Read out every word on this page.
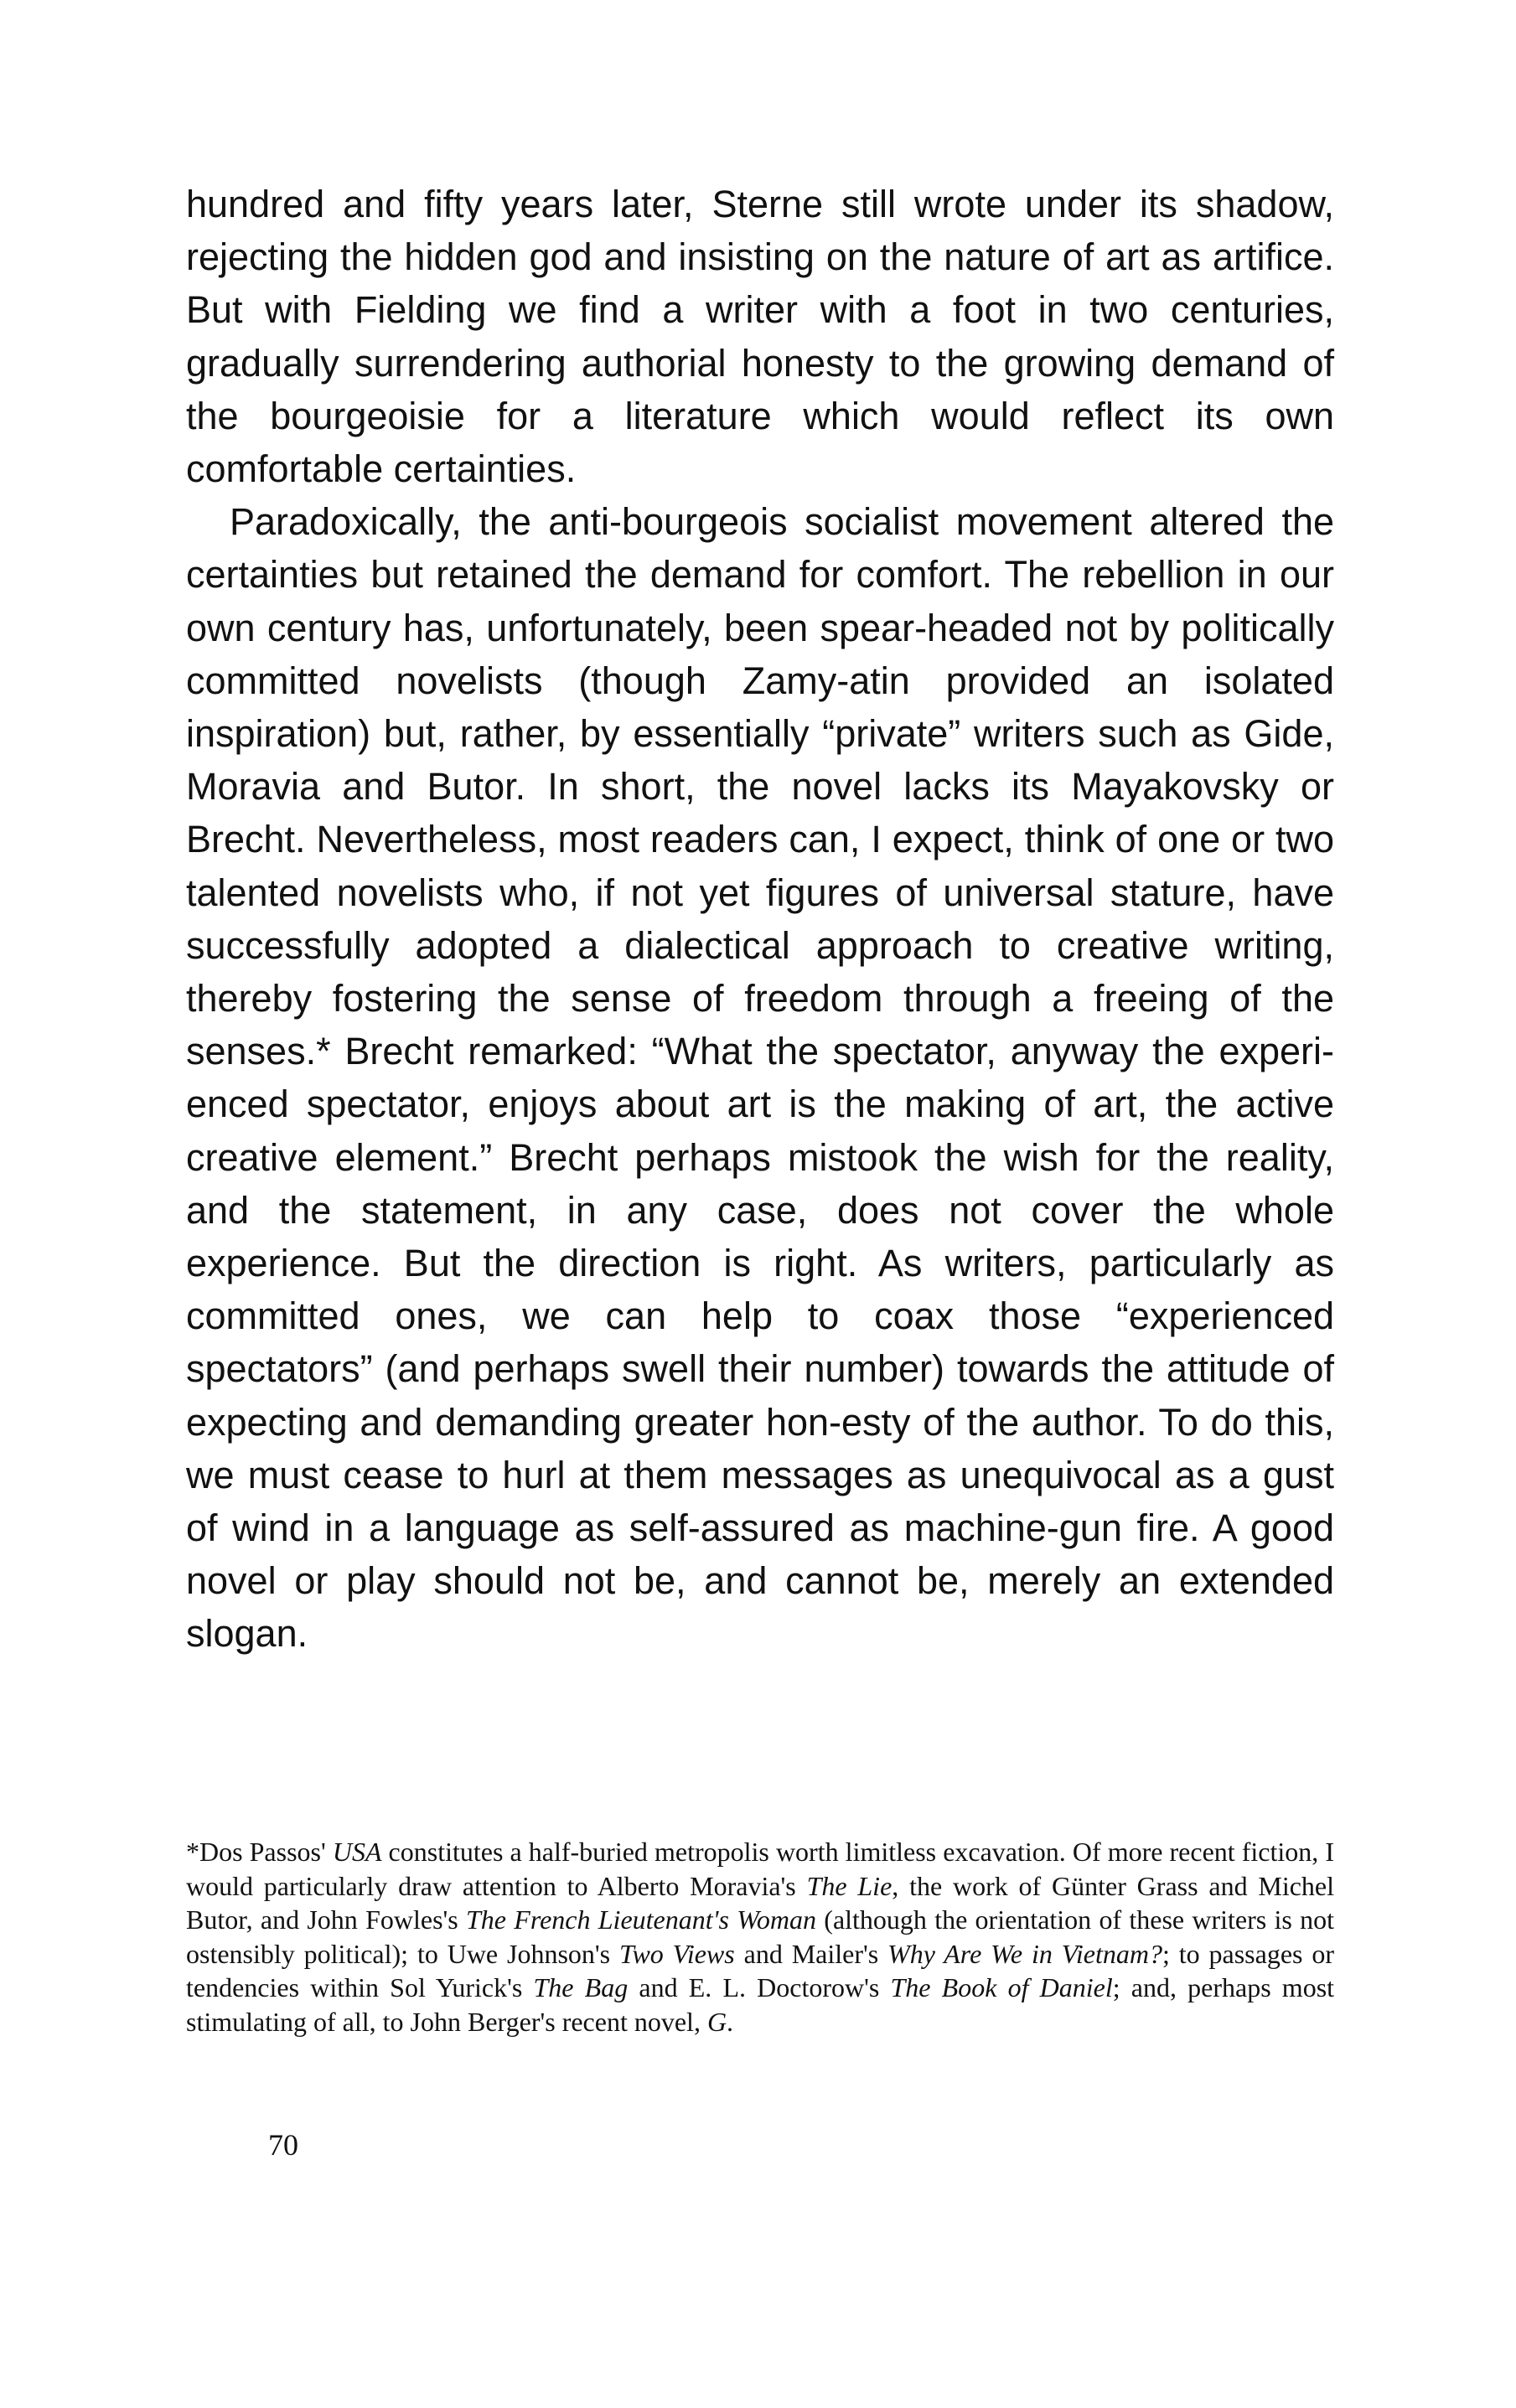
hundred and fifty years later, Sterne still wrote under its shadow, rejecting the hidden god and insisting on the nature of art as artifice. But with Fielding we find a writer with a foot in two centuries, gradually surrendering authorial honesty to the growing demand of the bourgeoisie for a literature which would reflect its own comfortable certainties.

Paradoxically, the anti-bourgeois socialist movement altered the certainties but retained the demand for comfort. The rebellion in our own century has, unfortunately, been spear-headed not by politically committed novelists (though Zamy-atin provided an isolated inspiration) but, rather, by essentially “private” writers such as Gide, Moravia and Butor. In short, the novel lacks its Mayakovsky or Brecht. Nevertheless, most readers can, I expect, think of one or two talented novelists who, if not yet figures of universal stature, have successfully adopted a dialectical approach to creative writing, thereby fostering the sense of freedom through a freeing of the senses.* Brecht remarked: “What the spectator, anyway the experi-enced spectator, enjoys about art is the making of art, the active creative element.” Brecht perhaps mistook the wish for the reality, and the statement, in any case, does not cover the whole experience. But the direction is right. As writers, particularly as committed ones, we can help to coax those “experienced spectators” (and perhaps swell their number) towards the attitude of expecting and demanding greater hon-esty of the author. To do this, we must cease to hurl at them messages as unequivocal as a gust of wind in a language as self-assured as machine-gun fire. A good novel or play should not be, and cannot be, merely an extended slogan.

*Dos Passos' USA constitutes a half-buried metropolis worth limitless excavation. Of more recent fiction, I would particularly draw attention to Alberto Moravia's The Lie, the work of Günter Grass and Michel Butor, and John Fowles's The French Lieutenant's Woman (although the orientation of these writers is not ostensibly political); to Uwe Johnson's Two Views and Mailer's Why Are We in Vietnam?; to passages or tendencies within Sol Yurick's The Bag and E. L. Doctorow's The Book of Daniel; and, perhaps most stimulating of all, to John Berger's recent novel, G.
70
